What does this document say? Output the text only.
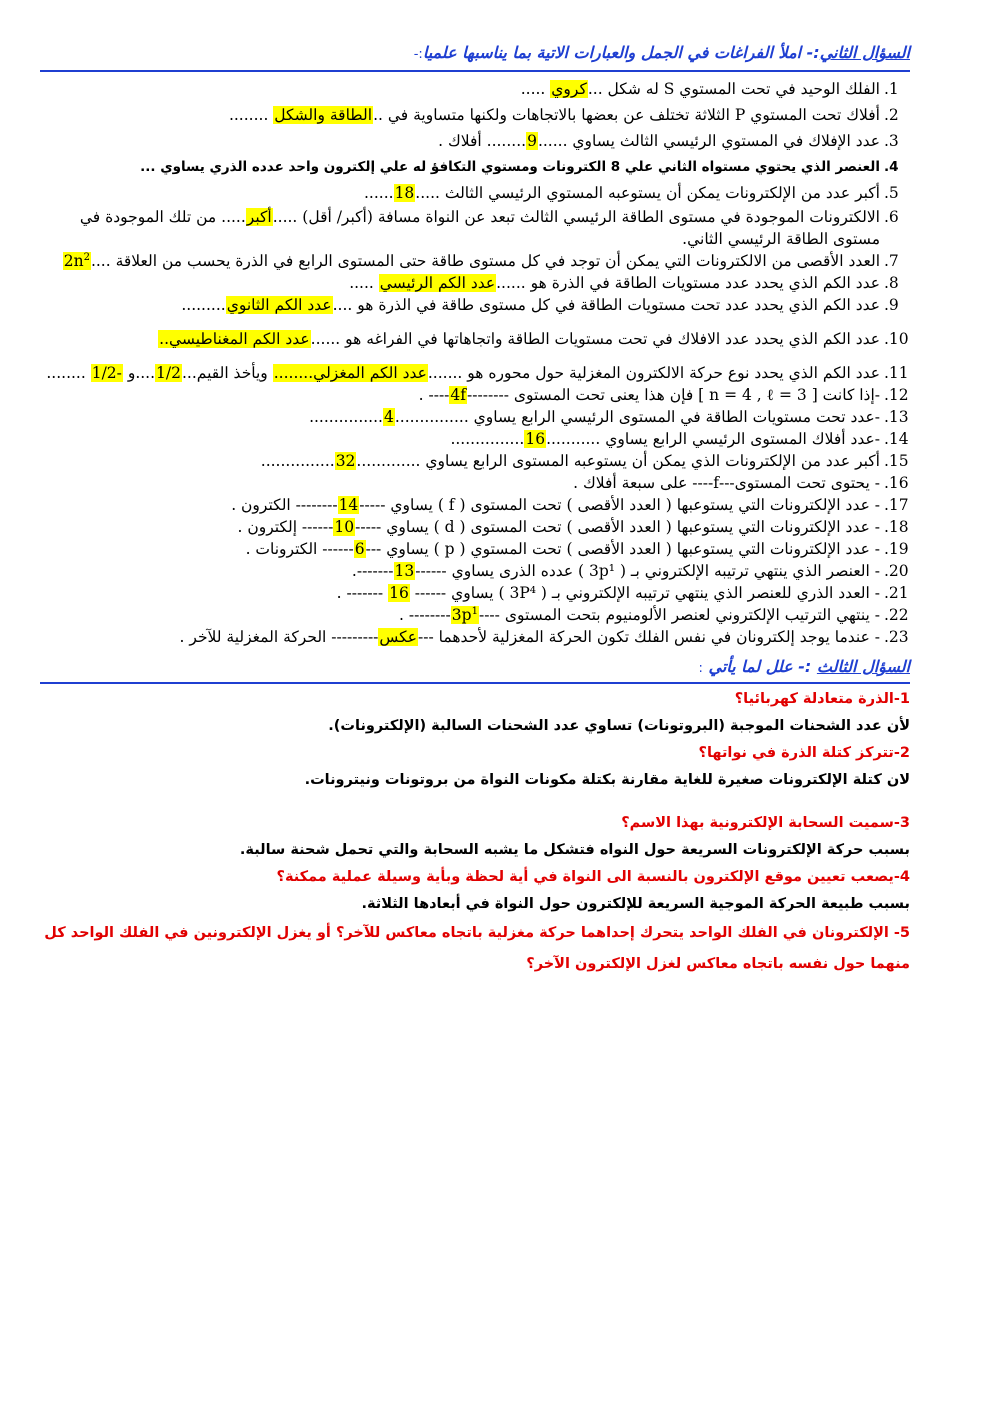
السؤال الثاني:- املأ الفراغات في الجمل والعبارات الاتية بما يناسبها علميا:-
.1
الفلك الوحيد في تحت المستوي S له شكل ...كروي .....
.2
أفلاك تحت المستوي P الثلاثة تختلف عن بعضها بالاتجاهات ولكنها متساوية في ..الطاقة والشكل ........
.3
عدد الإفلاك في المستوي الرئيسي الثالث يساوي ......9........ أفلاك .
.4
العنصر الذي يحتوي مستواه الثاني علي 8 الكترونات ومستوي التكافؤ له علي إلكترون واحد عدده الذري يساوي ...
.5
أكبر عدد من الإلكترونات يمكن أن يستوعبه المستوي الرئيسي الثالث .....18......
.6
الالكترونات الموجودة في مستوى الطاقة الرئيسي الثالث تبعد عن النواة مسافة (أكبر/ أقل) .....أكبر..... من تلك الموجودة في مستوى الطاقة الرئيسي الثاني.
.7
العدد الأقصى من الالكترونات التي يمكن أن توجد في كل مستوى طاقة حتى المستوى الرابع في الذرة يحسب من العلاقة $....2n^2$
.8
عدد الكم الذي يحدد عدد مستويات الطاقة في الذرة هو ......عدد الكم الرئيسي .....
.9
عدد الكم الذي يحدد عدد تحت مستويات الطاقة في كل مستوى طاقة في الذرة هو ....عدد الكم الثانوي.........
.10
عدد الكم الذي يحدد عدد الافلاك في تحت مستويات الطاقة واتجاهاتها في الفراغه هو ......عدد الكم المغناطيسي..
.11
عدد الكم الذي يحدد نوع حركة الالكترون المغزلية حول محوره هو .......عدد الكم المغزلي........ ويأخذ القيم...1/2....و -1/2 ........
.12
-إذا كانت [ n = 4 , ℓ = 3 ] فإن هذا يعنى تحت المستوى --------4f---- .
.13
-عدد تحت مستويات الطاقة في المستوى الرئيسي الرابع يساوي ...............4...............
.14
-عدد أفلاك المستوى الرئيسي الرابع يساوي ...........16...............
.15
أكبر عدد من الإلكترونات الذي يمكن أن يستوعبه المستوى الرابع يساوي .............32...............
.16
- يحتوى تحت المستوى---f---- على سبعة أفلاك .
.17
- عدد الإلكترونات التي يستوعبها ( العدد الأقصى ) تحت المستوى ( f ) يساوي -----14-------- الكترون .
.18
- عدد الإلكترونات التي يستوعبها ( العدد الأقصى ) تحت المستوى ( d ) يساوي -----10------ إلكترون .
.19
- عدد الإلكترونات التي يستوعبها ( العدد الأقصى ) تحت المستوي ( p ) يساوي ---6------ الكترونات .
.20
- العنصر الذي ينتهي ترتيبه الإلكتروني بـ ( 3p¹ ) عدده الذرى يساوي ------13-------.
.21
- العدد الذري للعنصر الذي ينتهي ترتيبه الإلكتروني بـ ( 3P⁴ ) يساوي ------ 16 ------- .
.22
- ينتهي الترتيب الإلكتروني لعنصر الألومنيوم بتحت المستوى $----3p^1--------$ .
.23
- عندما يوجد إلكترونان في نفس الفلك تكون الحركة المغزلية لأحدهما ---عكس--------- الحركة المغزلية للآخر .
السؤال الثالث :- علل لما يأتي :
1-الذرة متعادلة كهربائيا؟
لأن عدد الشحنات الموجبة (البروتونات) تساوي عدد الشحنات السالبة (الإلكترونات).
2-تتركز كتلة الذرة في نواتها؟
لان كتلة الإلكترونات صغيرة للغاية مقارنة بكتلة مكونات النواة من بروتونات ونيترونات.
3-سميت السحابة الإلكترونية بهذا الاسم؟
بسبب حركة الإلكترونات السريعة حول النواه فتشكل ما يشبه السحابة والتي تحمل شحنة سالبة.
4-يصعب تعيين موقع الإلكترون بالنسبة الى النواة في أية لحظة وبأية وسيلة عملية ممكنة؟
بسبب طبيعة الحركة الموجية السريعة للإلكترون حول النواة في أبعادها الثلاثة.
5- الإلكترونان في الفلك الواحد يتحرك إحداهما حركة مغزلية باتجاه معاكس للآخر؟ أو يغزل الإلكترونين في الفلك الواحد كل منهما حول نفسه باتجاه معاكس لغزل الإلكترون الآخر؟
